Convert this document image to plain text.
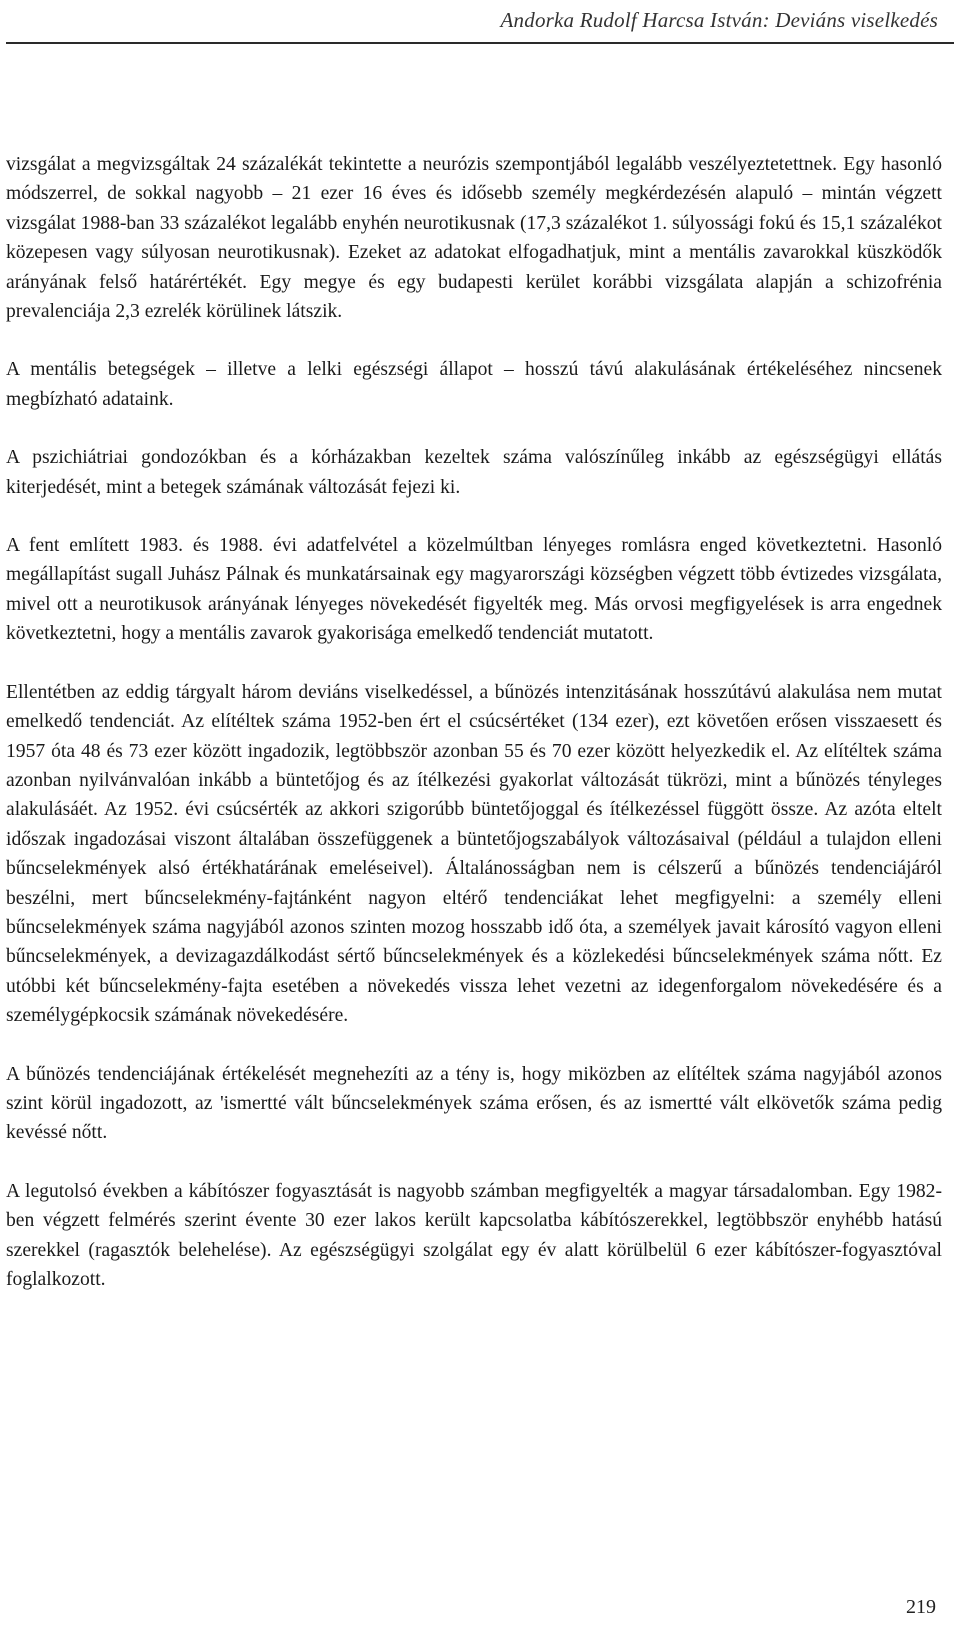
Andorka Rudolf Harcsa István: Deviáns viselkedés

vizsgálat a megvizsgáltak 24 százalékát tekintette a neurózis szempontjából legalább veszélyeztetettnek. Egy hasonló módszerrel, de sokkal nagyobb – 21 ezer 16 éves és idősebb személy megkérdezésén alapuló – mintán végzett vizsgálat 1988-ban 33 százalékot legalább enyhén neurotikusnak (17,3 százalékot 1. súlyossági fokú és 15,1 százalékot közepesen vagy súlyosan neurotikusnak). Ezeket az adatokat elfogadhatjuk, mint a mentális zavarokkal küszködők arányának felső határértékét. Egy megye és egy budapesti kerület korábbi vizsgálata alapján a schizofrénia prevalenciája 2,3 ezrelék körülinek látszik.

A mentális betegségek – illetve a lelki egészségi állapot – hosszú távú alakulásának értékeléséhez nincsenek megbízható adataink.

A pszichiátriai gondozókban és a kórházakban kezeltek száma valószínűleg inkább az egészségügyi ellátás kiterjedését, mint a betegek számának változását fejezi ki.

A fent említett 1983. és 1988. évi adatfelvétel a közelmúltban lényeges romlásra enged következtetni. Hasonló megállapítást sugall Juhász Pálnak és munkatársainak egy magyarországi községben végzett több évtizedes vizsgálata, mivel ott a neurotikusok arányának lényeges növekedését figyelték meg. Más orvosi megfigyelések is arra engednek következtetni, hogy a mentális zavarok gyakorisága emelkedő tendenciát mutatott.

Ellentétben az eddig tárgyalt három deviáns viselkedéssel, a bűnözés intenzitásának hosszútávú alakulása nem mutat emelkedő tendenciát. Az elítéltek száma 1952-ben ért el csúcsértéket (134 ezer), ezt követően erősen visszaesett és 1957 óta 48 és 73 ezer között ingadozik, legtöbbször azonban 55 és 70 ezer között helyezkedik el. Az elítéltek száma azonban nyilvánvalóan inkább a büntetőjog és az ítélkezési gyakorlat változását tükrözi, mint a bűnözés tényleges alakulásáét. Az 1952. évi csúcsérték az akkori szigorúbb büntetőjoggal és ítélkezéssel függött össze. Az azóta eltelt időszak ingadozásai viszont általában összefüggenek a büntetőjogszabályok változásaival (például a tulajdon elleni bűncselekmények alsó értékhatárának emeléseivel). Általánosságban nem is célszerű a bűnözés tendenciájáról beszélni, mert bűncselekmény-fajtánként nagyon eltérő tendenciákat lehet megfigyelni: a személy elleni bűncselekmények száma nagyjából azonos szinten mozog hosszabb idő óta, a személyek javait károsító vagyon elleni bűncselekmények, a devizagazdálkodást sértő bűncselekmények és a közlekedési bűncselekmények száma nőtt. Ez utóbbi két bűncselekmény-fajta esetében a növekedés vissza lehet vezetni az idegenforgalom növekedésére és a személygépkocsik számának növekedésére.

A bűnözés tendenciájának értékelését megnehezíti az a tény is, hogy miközben az elítéltek száma nagyjából azonos szint körül ingadozott, az 'ismertté vált bűncselekmények száma erősen, és az ismertté vált elkövetők száma pedig kevéssé nőtt.

A legutolsó években a kábítószer fogyasztását is nagyobb számban megfigyelték a magyar társadalomban. Egy 1982-ben végzett felmérés szerint évente 30 ezer lakos került kapcsolatba kábítószerekkel, legtöbbször enyhébb hatású szerekkel (ragasztók belehelése). Az egészségügyi szolgálat egy év alatt körülbelül 6 ezer kábítószer-fogyasztóval foglalkozott.

219
